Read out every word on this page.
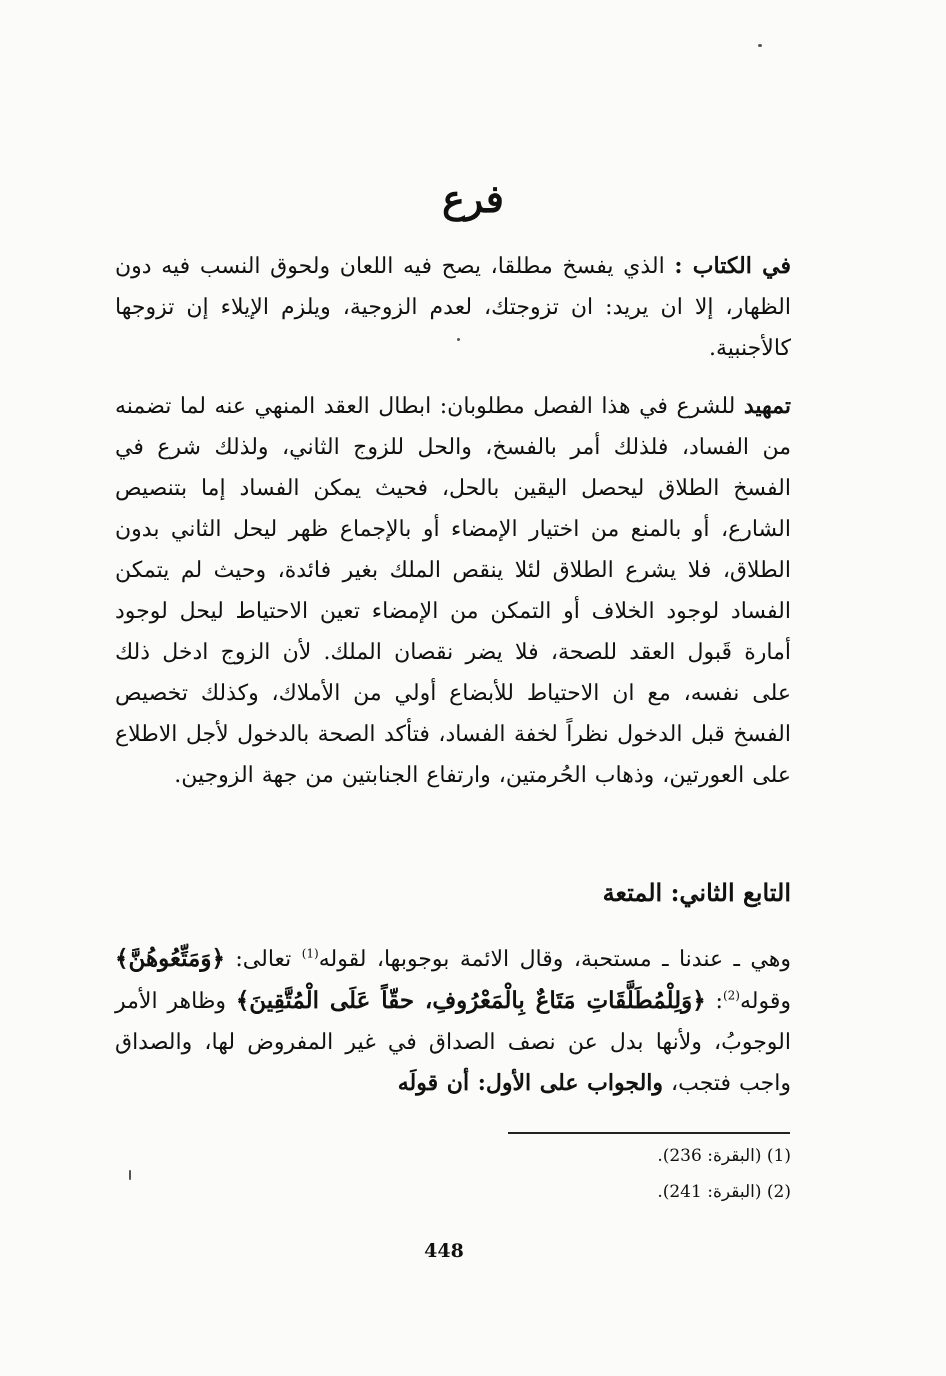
فرع
في الكتاب : الذي يفسخ مطلقا، يصح فيه اللعان ولحوق النسب فيه دون الظهار، إلا ان يريد: ان تزوجتك، لعدم الزوجية، ويلزم الإيلاء إن تزوجها كالأجنبية.
تمهيد للشرع في هذا الفصل مطلوبان: ابطال العقد المنهي عنه لما تضمنه من الفساد، فلذلك أمر بالفسخ، والحل للزوج الثاني، ولذلك شرع في الفسخ الطلاق ليحصل اليقين بالحل، فحيث يمكن الفساد إما بتنصيص الشارع، أو بالمنع من اختيار الإمضاء أو بالإجماع ظهر ليحل الثاني بدون الطلاق، فلا يشرع الطلاق لئلا ينقص الملك بغير فائدة، وحيث لم يتمكن الفساد لوجود الخلاف أو التمكن من الإمضاء تعين الاحتياط ليحل لوجود أمارة قَبول العقد للصحة، فلا يضر نقصان الملك. لأن الزوج ادخل ذلك على نفسه، مع ان الاحتياط للأبضاع أولي من الأملاك، وكذلك تخصيص الفسخ قبل الدخول نظراً لخفة الفساد، فتأكد الصحة بالدخول لأجل الاطلاع على العورتين، وذهاب الحُرمتين، وارتفاع الجنابتين من جهة الزوجين.
التابع الثاني: المتعة
وهي ـ عندنا ـ مستحبة، وقال الائمة بوجوبها، لقوله$^{(1)}$ تعالى: ﴿وَمَتِّعُوهُنَّ﴾ وقوله$^{(2)}$: ﴿وَلِلْمُطَلَّقَاتِ مَتَاعٌ بِالْمَعْرُوفِ، حقّاً عَلَى الْمُتَّقِينَ﴾ وظاهر الأمر الوجوبُ، ولأنها بدل عن نصف الصداق في غير المفروض لها، والصداق واجب فتجب، والجواب على الأول: أن قولَه
(1) (البقرة: 236).
(2) (البقرة: 241).
448
